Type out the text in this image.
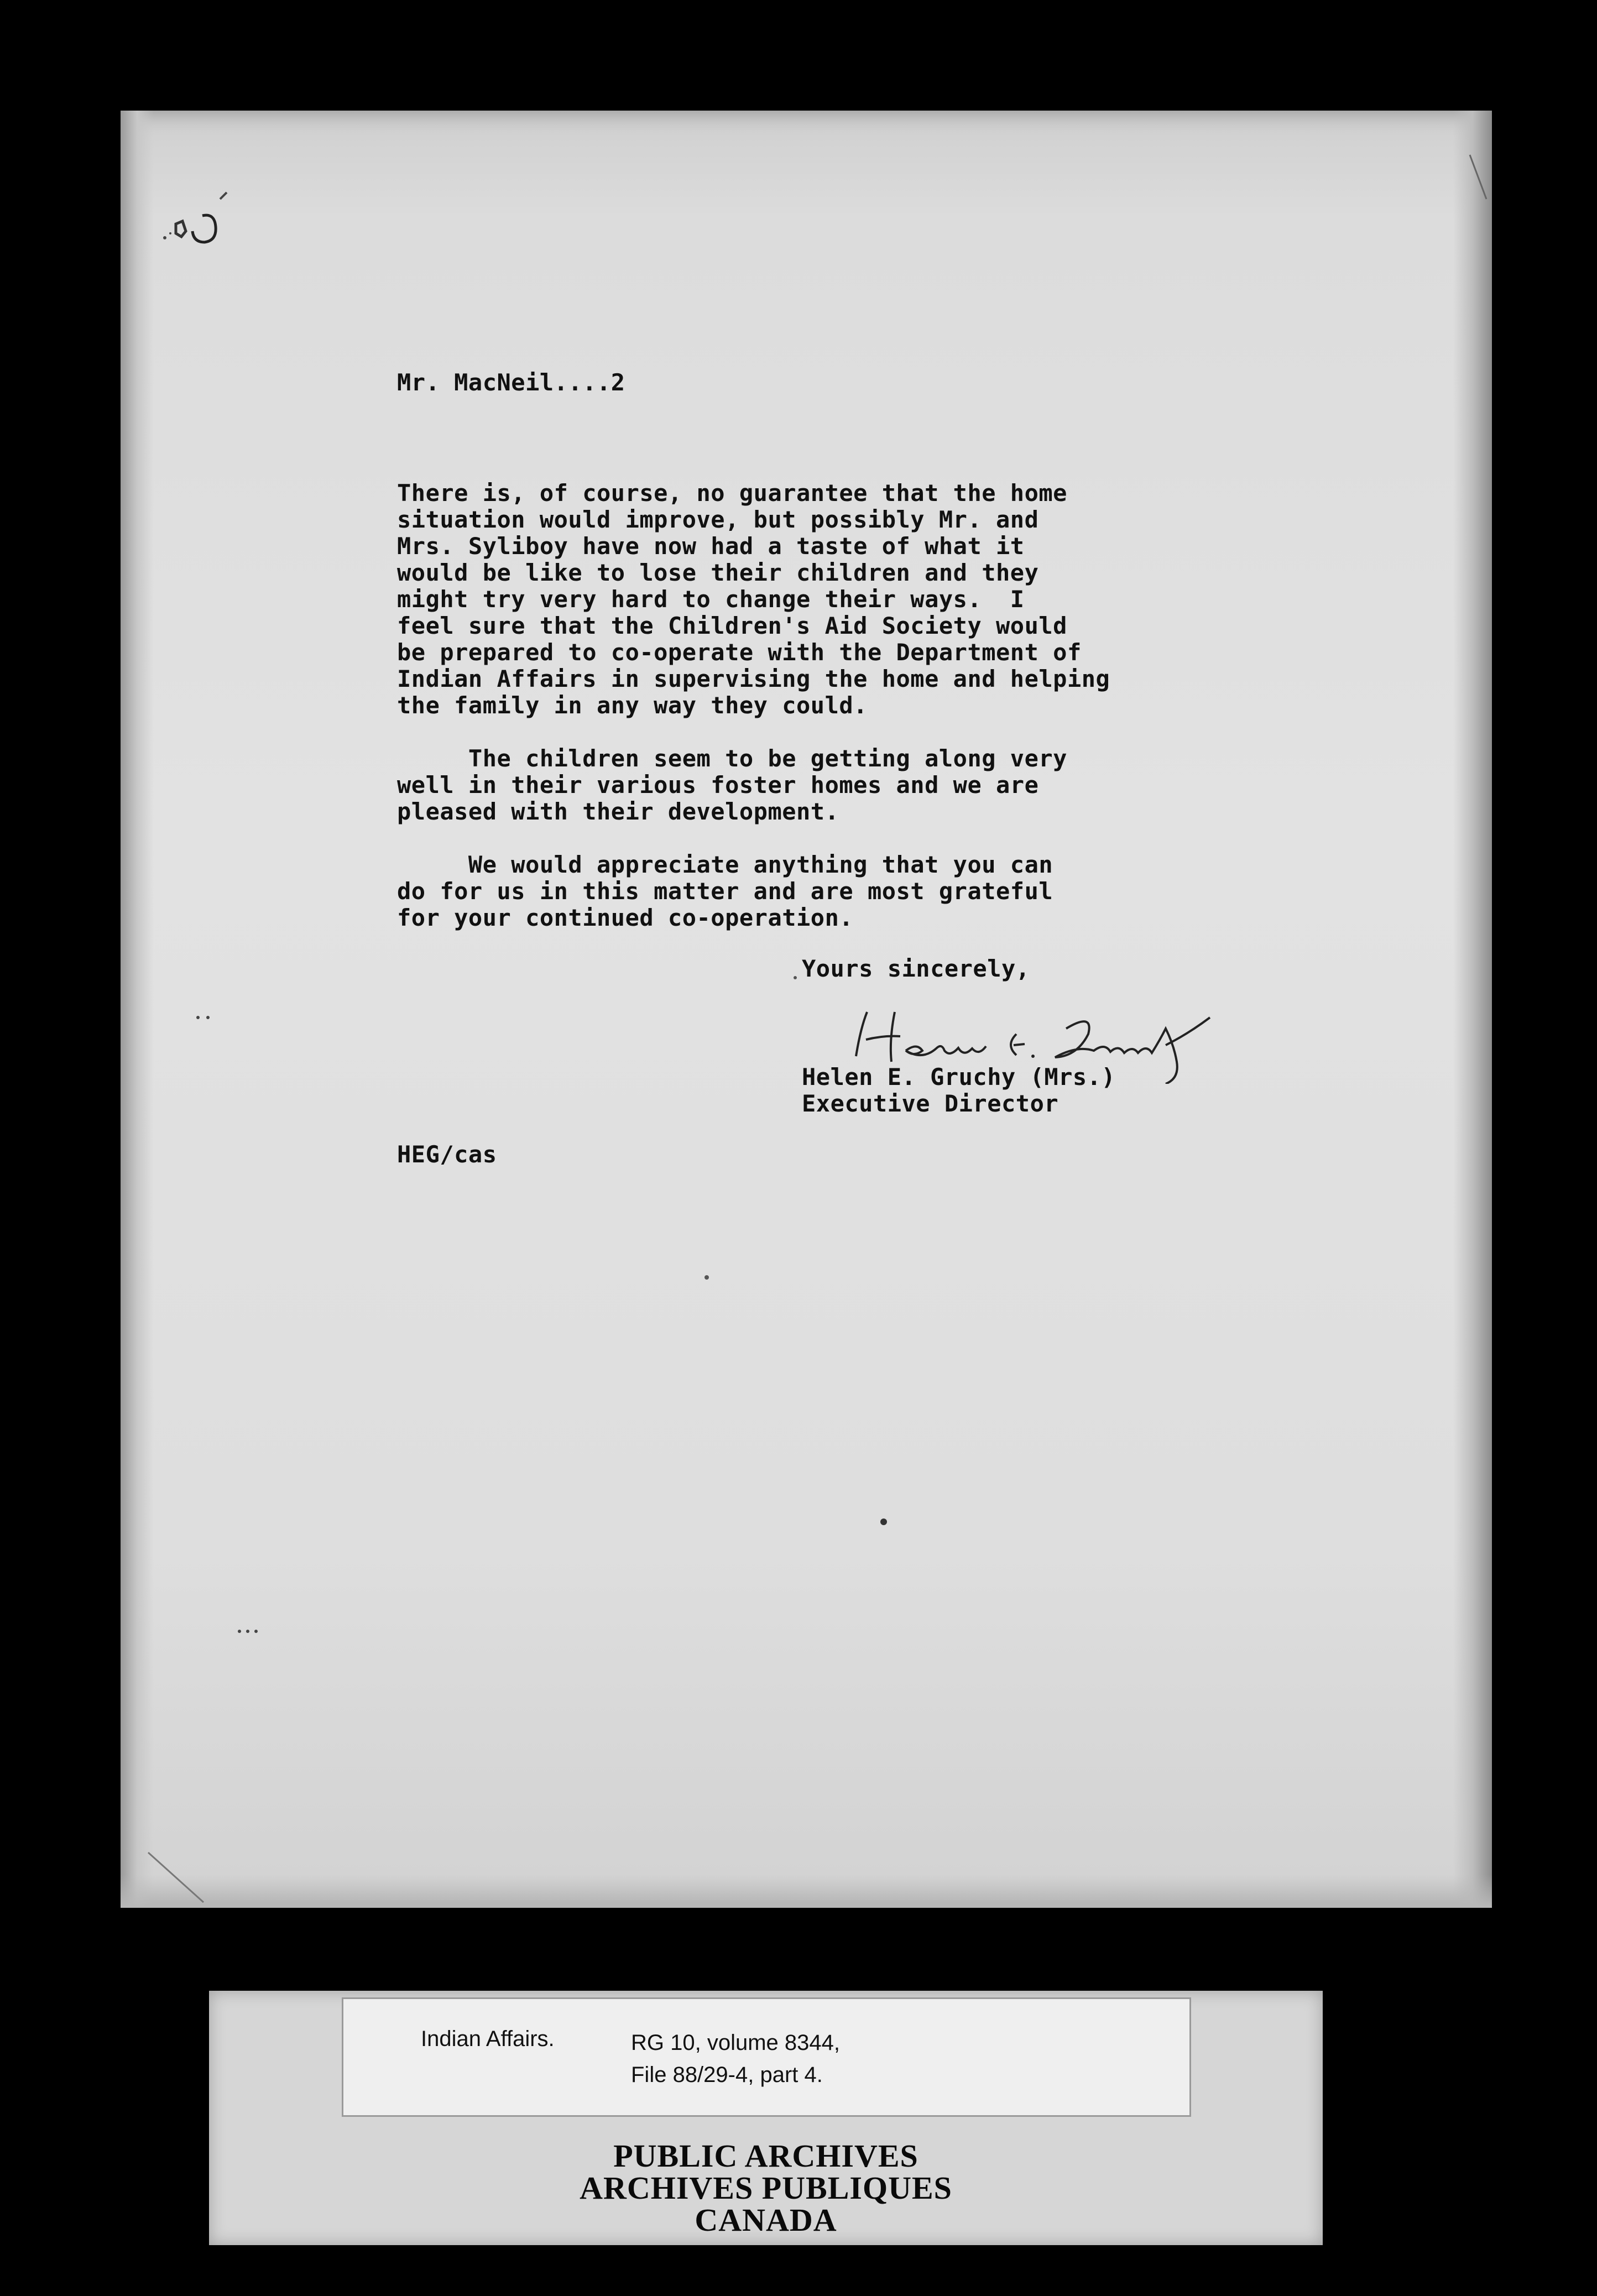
Mr. MacNeil....2
There is, of course, no guarantee that the home
situation would improve, but possibly Mr. and
Mrs. Syliboy have now had a taste of what it
would be like to lose their children and they
might try very hard to change their ways.  I
feel sure that the Children's Aid Society would
be prepared to co-operate with the Department of
Indian Affairs in supervising the home and helping
the family in any way they could.
The children seem to be getting along very
well in their various foster homes and we are
pleased with their development.
We would appreciate anything that you can
do for us in this matter and are most grateful
for your continued co-operation.
Yours sincerely,
Helen E. Gruchy (Mrs.)
Executive Director
HEG/cas
Indian Affairs.	RG 10, volume 8344,
File 88/29-4, part 4.
PUBLIC ARCHIVES
ARCHIVES PUBLIQUES
CANADA
